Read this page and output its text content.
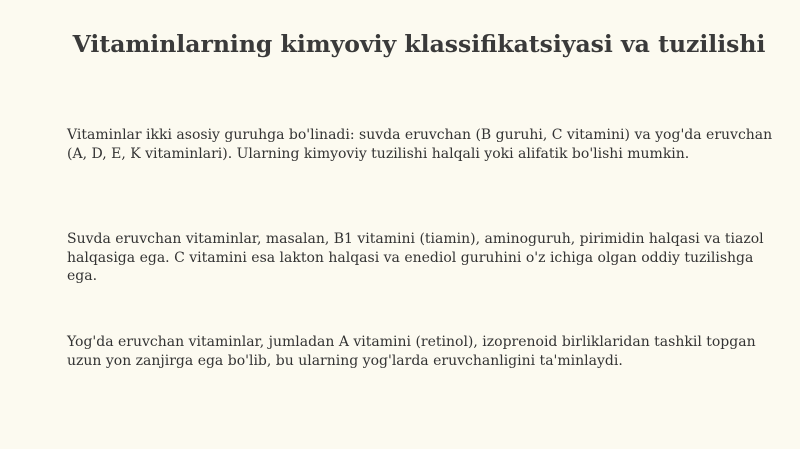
Vitaminlarning kimyoviy klassifikatsiyasi va tuzilishi

Vitaminlar ikki asosiy guruhga bo'linadi: suvda eruvchan (B guruhi, C vitamini) va yog'da eruvchan (A, D, E, K vitaminlari). Ularning kimyoviy tuzilishi halqali yoki alifatik bo'lishi mumkin.

Suvda eruvchan vitaminlar, masalan, B1 vitamini (tiamin), aminoguruh, pirimidin halqasi va tiazol halqasiga ega. C vitamini esa lakton halqasi va enediol guruhini o'z ichiga olgan oddiy tuzilishga ega.

Yog'da eruvchan vitaminlar, jumladan A vitamini (retinol), izoprenoid birliklaridan tashkil topgan uzun yon zanjirga ega bo'lib, bu ularning yog'larda eruvchanligini ta'minlaydi.
